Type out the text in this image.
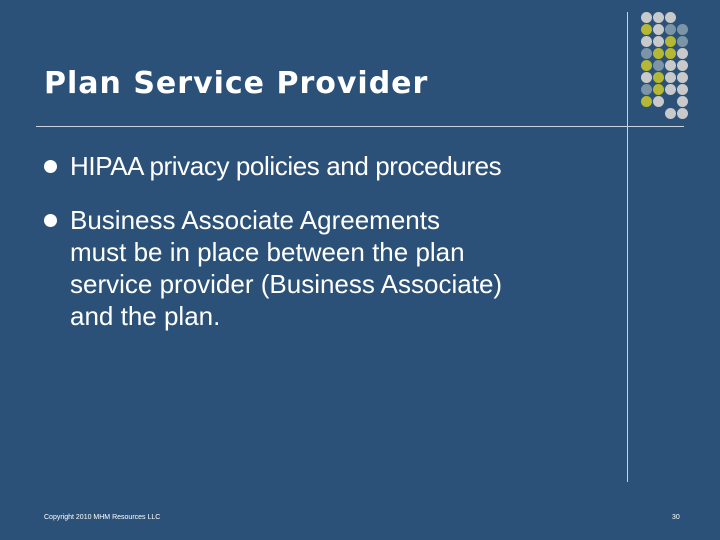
Plan Service Provider
HIPAA privacy policies and procedures
Business Associate Agreements
must be in place between the plan
service provider (Business Associate)
and the plan.
Copyright 2010 MHM Resources LLC	30
